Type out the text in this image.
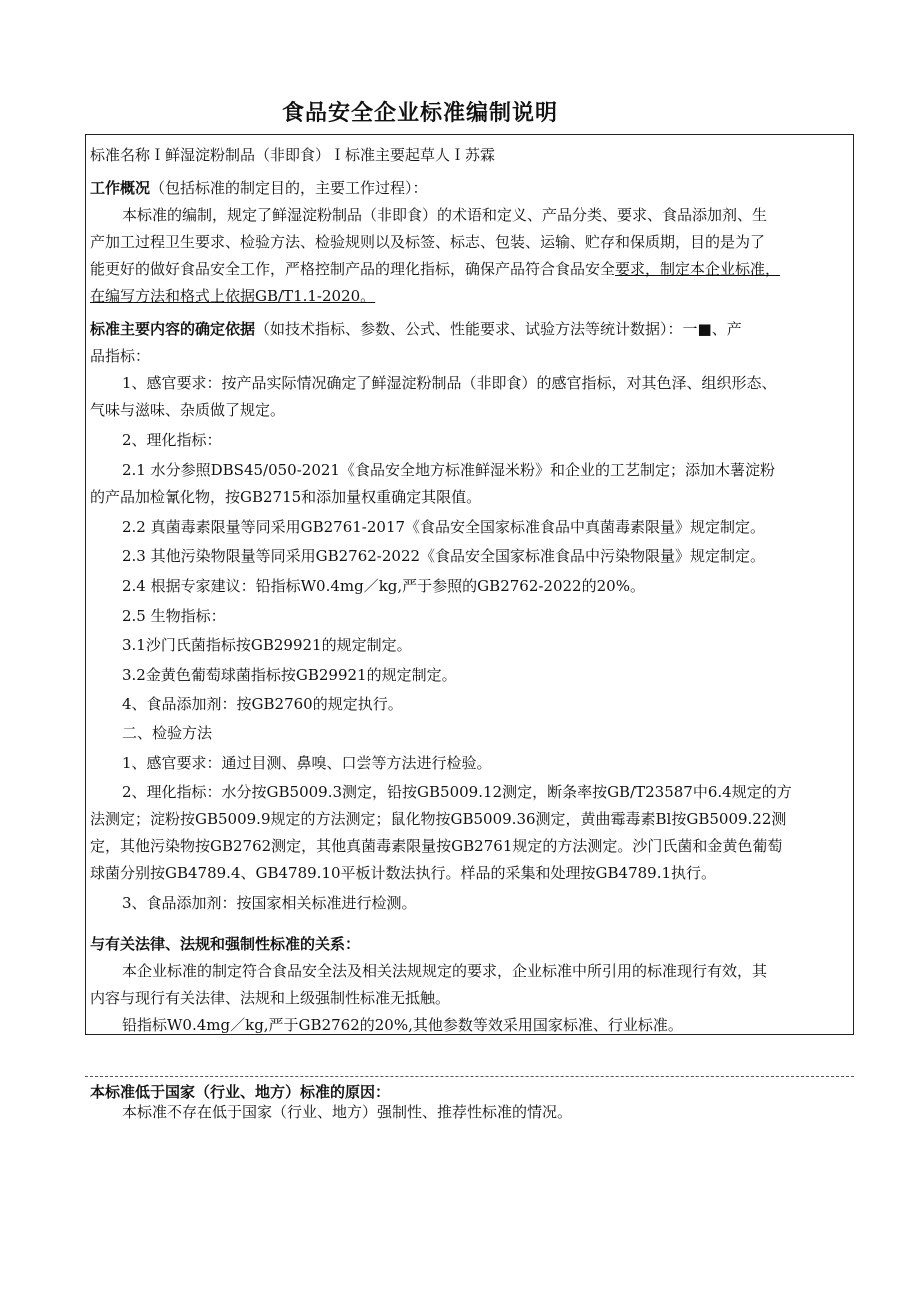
食品安全企业标准编制说明
标准名称Ｉ鲜湿淀粉制品（非即食）Ｉ标准主要起草人Ｉ苏霖
工作概况（包括标准的制定目的，主要工作过程）：
本标准的编制，规定了鲜湿淀粉制品（非即食）的术语和定义、产品分类、要求、食品添加剂、生
产加工过程卫生要求、检验方法、检验规则以及标签、标志、包装、运输、贮存和保质期，目的是为了
能更好的做好食品安全工作，严格控制产品的理化指标，确保产品符合食品安全要求，制定本企业标准，
在编写方法和格式上依据GB/T1.1-2020。
标准主要内容的确定依据（如技术指标、参数、公式、性能要求、试验方法等统计数据）：一■、产
品指标：
1、感官要求：按产品实际情况确定了鲜湿淀粉制品（非即食）的感官指标，对其色泽、组织形态、
气味与滋味、杂质做了规定。
2、理化指标：
2.1 水分参照DBS45/050-2021《食品安全地方标准鲜湿米粉》和企业的工艺制定；添加木薯淀粉
的产品加检氰化物，按GB2715和添加量权重确定其限值。
2.2 真菌毒素限量等同采用GB2761-2017《食品安全国家标准食品中真菌毒素限量》规定制定。
2.3 其他污染物限量等同采用GB2762-2022《食品安全国家标准食品中污染物限量》规定制定。
2.4 根据专家建议：铅指标W0.4mg／kg,严于参照的GB2762-2022的20%。
2.5 生物指标：
3.1沙门氏菌指标按GB29921的规定制定。
3.2金黄色葡萄球菌指标按GB29921的规定制定。
4、食品添加剂：按GB2760的规定执行。
二、检验方法
1、感官要求：通过目测、鼻嗅、口尝等方法进行检验。
2、理化指标：水分按GB5009.3测定，铅按GB5009.12测定，断条率按GB/T23587中6.4规定的方
法测定；淀粉按GB5009.9规定的方法测定；鼠化物按GB5009.36测定，黄曲霉毒素Bl按GB5009.22测
定，其他污染物按GB2762测定，其他真菌毒素限量按GB2761规定的方法测定。沙门氏菌和金黄色葡萄
球菌分别按GB4789.4、GB4789.10平板计数法执行。样品的采集和处理按GB4789.1执行。
3、食品添加剂：按国家相关标准进行检测。
与有关法律、法规和强制性标准的关系：
本企业标准的制定符合食品安全法及相关法规规定的要求，企业标准中所引用的标准现行有效，其
内容与现行有关法律、法规和上级强制性标准无抵触。
铅指标W0.4mg／kg,严于GB2762的20%,其他参数等效采用国家标准、行业标准。
本标准低于国家（行业、地方）标准的原因：
本标准不存在低于国家（行业、地方）强制性、推荐性标准的情况。
